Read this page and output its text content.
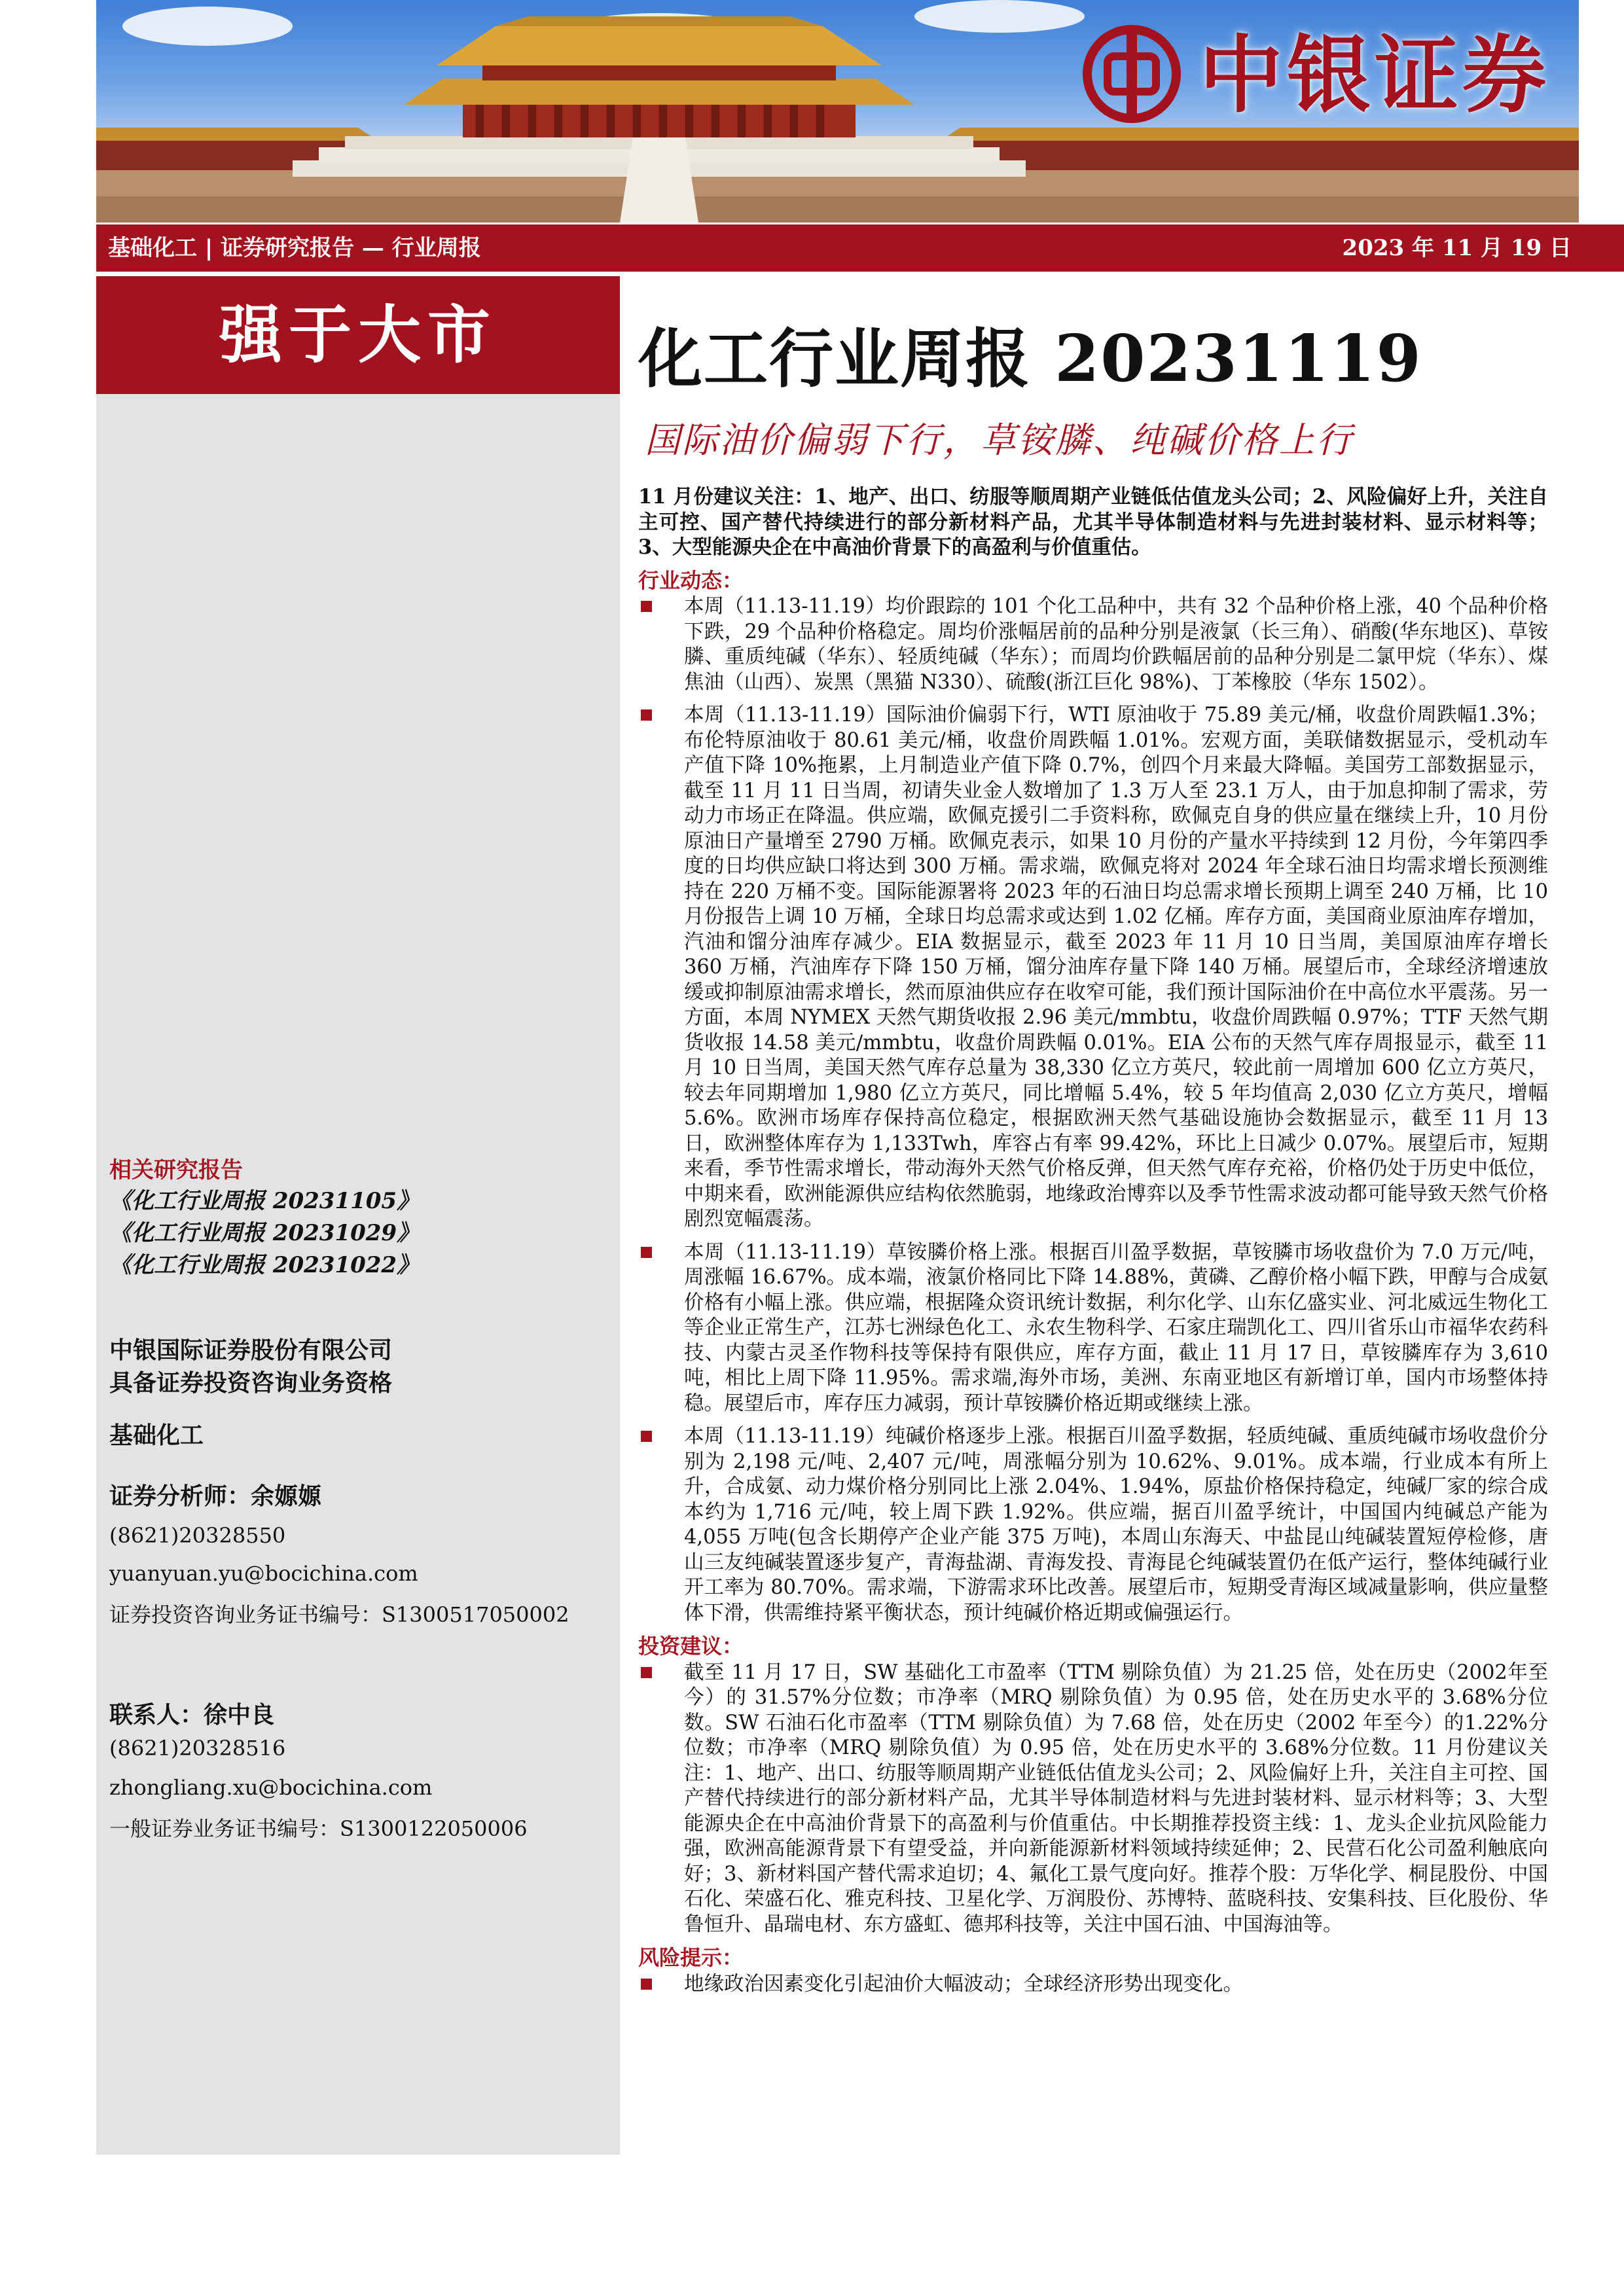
中银证券
基础化工 | 证券研究报告 — 行业周报	2023 年 11 月 19 日
强于大市
相关研究报告
《化工行业周报 20231105》
《化工行业周报 20231029》
《化工行业周报 20231022》
中银国际证券股份有限公司
具备证券投资咨询业务资格
基础化工
证券分析师：余嫄嫄
(8621)20328550
yuanyuan.yu@bocichina.com
证券投资咨询业务证书编号：S1300517050002
联系人：徐中良
(8621)20328516
zhongliang.xu@bocichina.com
一般证券业务证书编号：S1300122050006
化工行业周报 20231119
国际油价偏弱下行，草铵膦、纯碱价格上行

11 月份建议关注：1、地产、出口、纺服等顺周期产业链低估值龙头公司；2、风险偏好上升，关注自主可控、国产替代持续进行的部分新材料产品，尤其半导体制造材料与先进封装材料、显示材料等；3、大型能源央企在中高油价背景下的高盈利与价值重估。

行业动态：
本周（11.13-11.19）均价跟踪的 101 个化工品种中，共有 32 个品种价格上涨，40 个品种价格下跌，29 个品种价格稳定。周均价涨幅居前的品种分别是液氯（长三角）、硝酸(华东地区)、草铵膦、重质纯碱（华东）、轻质纯碱（华东）；而周均价跌幅居前的品种分别是二氯甲烷（华东）、煤焦油（山西）、炭黑（黑猫 N330）、硫酸(浙江巨化 98%)、丁苯橡胶（华东 1502）。
本周（11.13-11.19）国际油价偏弱下行，WTI 原油收于 75.89 美元/桶，收盘价周跌幅1.3%；布伦特原油收于 80.61 美元/桶，收盘价周跌幅 1.01%。宏观方面，美联储数据显示，受机动车产值下降 10%拖累，上月制造业产值下降 0.7%，创四个月来最大降幅。美国劳工部数据显示，截至 11 月 11 日当周，初请失业金人数增加了 1.3 万人至 23.1 万人，由于加息抑制了需求，劳动力市场正在降温。供应端，欧佩克援引二手资料称，欧佩克自身的供应量在继续上升，10 月份原油日产量增至 2790 万桶。欧佩克表示，如果 10 月份的产量水平持续到 12 月份，今年第四季度的日均供应缺口将达到 300 万桶。需求端，欧佩克将对 2024 年全球石油日均需求增长预测维持在 220 万桶不变。国际能源署将 2023 年的石油日均总需求增长预期上调至 240 万桶，比 10 月份报告上调 10 万桶，全球日均总需求或达到 1.02 亿桶。库存方面，美国商业原油库存增加，汽油和馏分油库存减少。EIA 数据显示，截至 2023 年 11 月 10 日当周，美国原油库存增长 360 万桶，汽油库存下降 150 万桶，馏分油库存量下降 140 万桶。展望后市，全球经济增速放缓或抑制原油需求增长，然而原油供应存在收窄可能，我们预计国际油价在中高位水平震荡。另一方面，本周 NYMEX 天然气期货收报 2.96 美元/mmbtu，收盘价周跌幅 0.97%；TTF 天然气期货收报 14.58 美元/mmbtu，收盘价周跌幅 0.01%。EIA 公布的天然气库存周报显示，截至 11 月 10 日当周，美国天然气库存总量为 38,330 亿立方英尺，较此前一周增加 600 亿立方英尺，较去年同期增加 1,980 亿立方英尺，同比增幅 5.4%，较 5 年均值高 2,030 亿立方英尺，增幅 5.6%。欧洲市场库存保持高位稳定，根据欧洲天然气基础设施协会数据显示，截至 11 月 13 日，欧洲整体库存为 1,133Twh，库容占有率 99.42%，环比上日减少 0.07%。展望后市，短期来看，季节性需求增长，带动海外天然气价格反弹，但天然气库存充裕，价格仍处于历史中低位，中期来看，欧洲能源供应结构依然脆弱，地缘政治博弈以及季节性需求波动都可能导致天然气价格剧烈宽幅震荡。
本周（11.13-11.19）草铵膦价格上涨。根据百川盈孚数据，草铵膦市场收盘价为 7.0 万元/吨，周涨幅 16.67%。成本端，液氯价格同比下降 14.88%，黄磷、乙醇价格小幅下跌，甲醇与合成氨价格有小幅上涨。供应端，根据隆众资讯统计数据，利尔化学、山东亿盛实业、河北威远生物化工等企业正常生产，江苏七洲绿色化工、永农生物科学、石家庄瑞凯化工、四川省乐山市福华农药科技、内蒙古灵圣作物科技等保持有限供应，库存方面，截止 11 月 17 日，草铵膦库存为 3,610 吨，相比上周下降 11.95%。需求端,海外市场，美洲、东南亚地区有新增订单，国内市场整体持稳。展望后市，库存压力减弱，预计草铵膦价格近期或继续上涨。
本周（11.13-11.19）纯碱价格逐步上涨。根据百川盈孚数据，轻质纯碱、重质纯碱市场收盘价分别为 2,198 元/吨、2,407 元/吨，周涨幅分别为 10.62%、9.01%。成本端，行业成本有所上升，合成氨、动力煤价格分别同比上涨 2.04%、1.94%，原盐价格保持稳定，纯碱厂家的综合成本约为 1,716 元/吨，较上周下跌 1.92%。供应端，据百川盈孚统计，中国国内纯碱总产能为 4,055 万吨(包含长期停产企业产能 375 万吨)，本周山东海天、中盐昆山纯碱装置短停检修，唐山三友纯碱装置逐步复产，青海盐湖、青海发投、青海昆仑纯碱装置仍在低产运行，整体纯碱行业开工率为 80.70%。需求端，下游需求环比改善。展望后市，短期受青海区域减量影响，供应量整体下滑，供需维持紧平衡状态，预计纯碱价格近期或偏强运行。
投资建议：
截至 11 月 17 日，SW 基础化工市盈率（TTM 剔除负值）为 21.25 倍，处在历史（2002年至今）的 31.57%分位数；市净率（MRQ 剔除负值）为 0.95 倍，处在历史水平的 3.68%分位数。SW 石油石化市盈率（TTM 剔除负值）为 7.68 倍，处在历史（2002 年至今）的1.22%分位数；市净率（MRQ 剔除负值）为 0.95 倍，处在历史水平的 3.68%分位数。11 月份建议关注：1、地产、出口、纺服等顺周期产业链低估值龙头公司；2、风险偏好上升，关注自主可控、国产替代持续进行的部分新材料产品，尤其半导体制造材料与先进封装材料、显示材料等；3、大型能源央企在中高油价背景下的高盈利与价值重估。中长期推荐投资主线：1、龙头企业抗风险能力强，欧洲高能源背景下有望受益，并向新能源新材料领域持续延伸；2、民营石化公司盈利触底向好；3、新材料国产替代需求迫切；4、氟化工景气度向好。推荐个股：万华化学、桐昆股份、中国石化、荣盛石化、雅克科技、卫星化学、万润股份、苏博特、蓝晓科技、安集科技、巨化股份、华鲁恒升、晶瑞电材、东方盛虹、德邦科技等，关注中国石油、中国海油等。
风险提示：
地缘政治因素变化引起油价大幅波动；全球经济形势出现变化。
